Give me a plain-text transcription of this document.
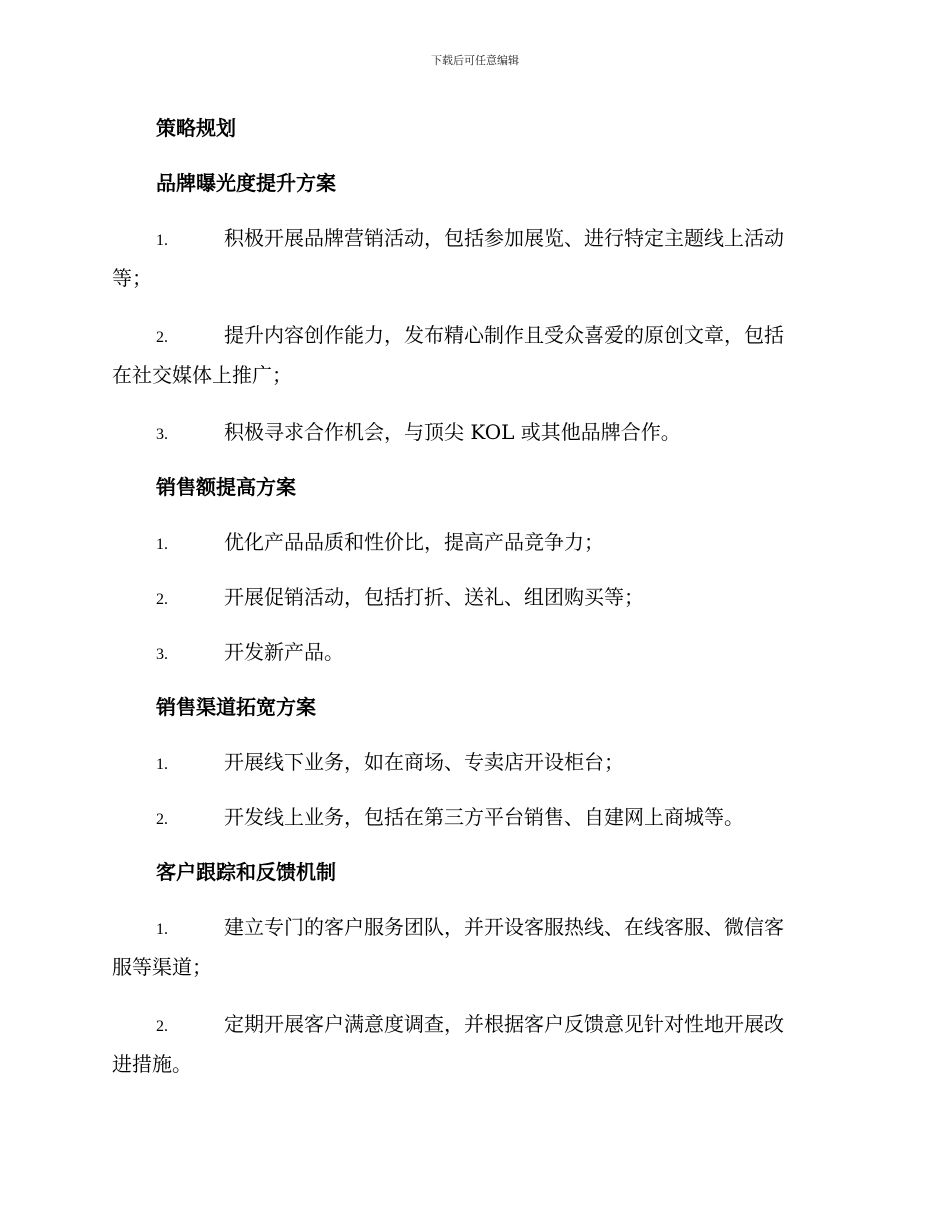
下载后可任意编辑
策略规划
品牌曝光度提升方案
1.	积极开展品牌营销活动，包括参加展览、进行特定主题线上活动
等；
2.	提升内容创作能力，发布精心制作且受众喜爱的原创文章，包括
在社交媒体上推广；
3.	积极寻求合作机会，与顶尖 KOL 或其他品牌合作。
销售额提高方案
1.	优化产品品质和性价比，提高产品竞争力；
2.	开展促销活动，包括打折、送礼、组团购买等；
3.	开发新产品。
销售渠道拓宽方案
1.	开展线下业务，如在商场、专卖店开设柜台；
2.	开发线上业务，包括在第三方平台销售、自建网上商城等。
客户跟踪和反馈机制
1.	建立专门的客户服务团队，并开设客服热线、在线客服、微信客
服等渠道；
2.	定期开展客户满意度调查，并根据客户反馈意见针对性地开展改
进措施。
